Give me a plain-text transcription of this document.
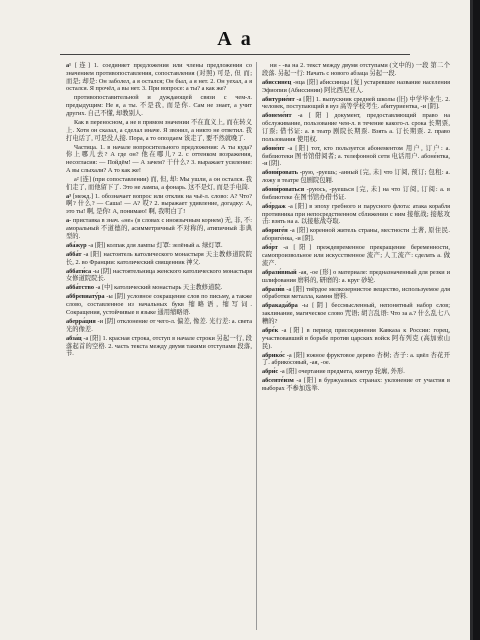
А а

а¹ [连] 1. соединяет предложения или члены предложения со значением противопоставления, сопоставления (对照) 可是, 但 而; 而是; 却是: Он заболел, а я остался; Он был, а я нет. 2. Он уехал, а я остался. Я прочёл, а вы нет. 3. При вопросе: а ты? а как же?

противопоставительной и дуждающей связи с чем-л. предыдущим: Не я, а ты. 不是我, 而是你. Сам не знает, а учит других. 自己不懂, 却教别人.

Как в переносном, а не в прямом значении 不在直义上, 而在转义上. Хотя он сказал, а сделал иначе. Я звонил, а никто не ответил. 我打电话了, 可是没人接. Пора, а то опоздаем 该走了, 要不然就晚了.

Частица. 1. в начале вопросительного предложения: А ты куда? 你上哪儿去? А где он? 他在哪儿? 2. с оттенком возражения, несогласия: — Пойдём! — А зачем? 干什么? 3. выражает усиление: А вы слыхали? А то как же!

а² [连] (при сопоставлении) 而, 但, 却: Мы ушли, а он остался. 我们走了, 而他留下了. Это не лампа, а фонарь. 这不是灯, 而是手电筒.

а³ [межд.] 1. обозначает вопрос или отклик на чьё-л. слово: А? Что? 啊? 什么? — Саша! — А? 哎? 2. выражает удивление, догадку: А, это ты! 啊, 是你! А, понимаю! 啊, 我明白了!

а- приставка в знач. «не» (в словах с иноязычным корнем) 无, 非, 不: аморальный 不道德的, асимметричный 不对称的, атипичный 非典型的.

аба́жур -а [阳] колпак для лампы 灯罩: зелёный а. 绿灯罩.

абба́т -а [阳] настоятель католического монастыря 天主教修道院院长, 2. во Франции: католический священник 神父.

аббати́са -ы [阴] настоятельница женского католического монастыря 女修道院院长.

абба́тство -а [中] католический монастырь 天主教修道院.

аббревиату́ра -ы [阴] условное сокращение слов по письму, а также слово, составленное из начальных букв 缩略语, 缩写词. Сокращения, устойчивые в языке 通用缩略语.

аберра́ция -и [阴] отклонение от чего-л. 偏差, 像差. 光行差: а. света 光的像差.

абза́ц -а [阳] 1. красная строка, отступ в начале строки 另起一行, 段落起首的空格. 2. часть текста между двумя такими отступами 段落, 节.

ни - -ва на 2. текст между двумя отступами (文中的) 一段 第二个段落. 另起一行: Начать с нового абзаца 另起一段.

абиссинец -нца [阳] абиссинцы [复] устаревшее название населения Эфиопии (Абиссинии) 阿比西尼亚人.

абитурие́нт -а [阳] 1. выпускник средней школы (旧) 中学毕业生. 2. человек, поступающий в вуз 高等学校考生. абитурие́нтка, -и [阴].

абонеме́нт -а [阳] документ, предоставляющий право на обслуживание, пользование чем-л. в течение какого-л. срока 长期票, 订票; 借书证: а. в театр 剧院长期票. Взять а. 订长期票. 2. право пользования 使用权.

абоне́нт -а [阳] тот, кто пользуется абонементом 用户, 订户: а. библиотеки 图书馆借阅者; а. телефонной сети 电话用户. абоне́нтка, -и [阴].

абони́ровать -рую, -руешь; -анный [完, 未] что 订阅, 预订; 包租: а. ложу в театре 包剧院包厢.

абони́роваться -руюсь, -руешься [完, 未] на что 订阅, 订阅: а. в библиотеке 在图书馆办借书证.

або́рдаж -а [阳] в эпоху гребного и парусного флота: атака корабля противника при непосредственном сближении с ним 接舷战; 接舷攻击: взять на а. 以接舷战夺取.

абориге́н -а [阳] коренной житель страны, местности 土著, 原住民. абориге́нка, -и [阴].

або́рт -а [阳] преждевременное прекращение беременности, самопроизвольное или искусственное 流产; 人工流产: сделать а. 做流产.

абрази́вный -ая, -ое [形] о материале: предназначенный для резки и шлифования 磨料的, 研磨的: а. круг 砂轮.

абрази́в -а [阳] твёрдое мелкозернистое вещество, используемое для обработки металла, камня 磨料.

абракада́бра -ы [阴] бессмысленный, непонятный набор слов; заклинание, магическое слово 咒语; 胡言乱语: Что за а.? 什么乱七八糟的?

абре́к -а [阳] в период присоединения Кавказа к России: горец, участвовавший в борьбе против царских войск 阿布列克 (高加索山民).

абрико́с -а [阳] южное фруктовое дерево 杏树; 杏子: а. цвёл 杏花开了. абрико́совый, -ая, -ое.

абри́с -а [阳] очертание предмета, контур 轮廓, 外形.

абсенте́изм -а [阳] в буржуазных странах: уклонение от участия в выборах 不参加选举.
